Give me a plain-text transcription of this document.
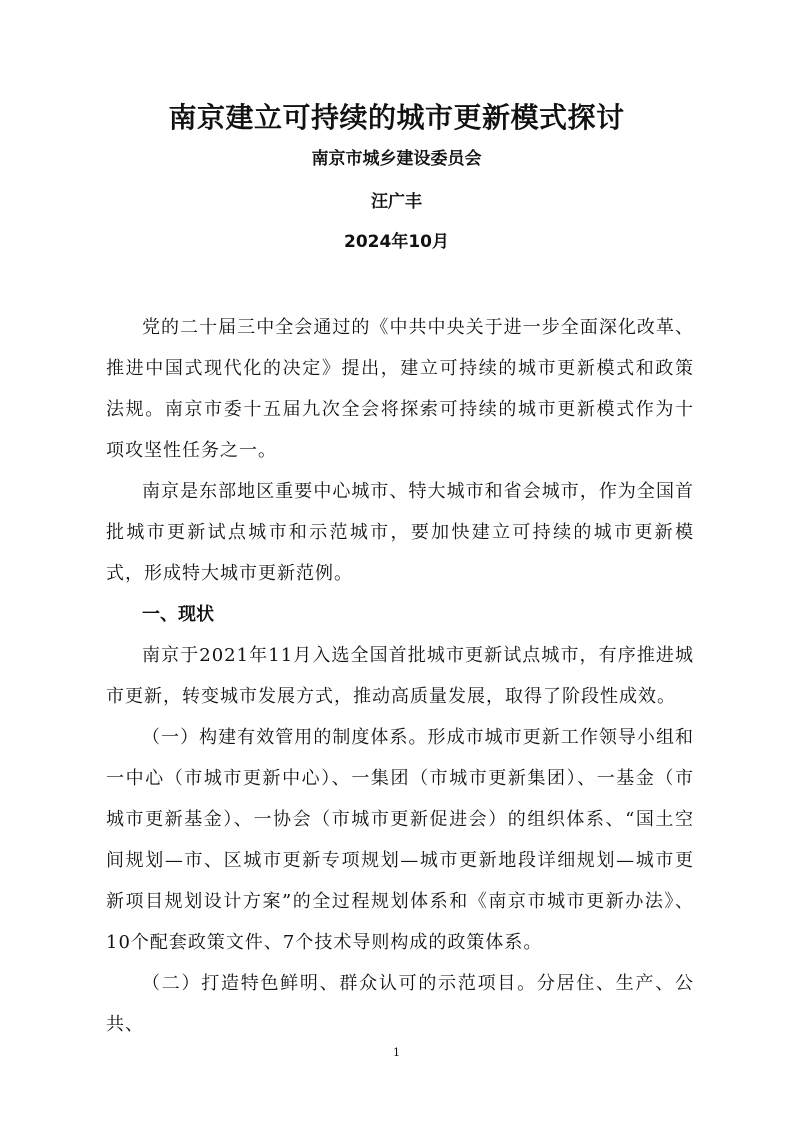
南京建立可持续的城市更新模式探讨

南京市城乡建设委员会

汪广丰

2024年10月

党的二十届三中全会通过的《中共中央关于进一步全面深化改革、推进中国式现代化的决定》提出，建立可持续的城市更新模式和政策法规。南京市委十五届九次全会将探索可持续的城市更新模式作为十项攻坚性任务之一。

南京是东部地区重要中心城市、特大城市和省会城市，作为全国首批城市更新试点城市和示范城市，要加快建立可持续的城市更新模式，形成特大城市更新范例。

一、现状

南京于2021年11月入选全国首批城市更新试点城市，有序推进城市更新，转变城市发展方式，推动高质量发展，取得了阶段性成效。

（一）构建有效管用的制度体系。形成市城市更新工作领导小组和一中心（市城市更新中心）、一集团（市城市更新集团）、一基金（市城市更新基金）、一协会（市城市更新促进会）的组织体系、“国土空间规划—市、区城市更新专项规划—城市更新地段详细规划—城市更新项目规划设计方案”的全过程规划体系和《南京市城市更新办法》、10个配套政策文件、7个技术导则构成的政策体系。

（二）打造特色鲜明、群众认可的示范项目。分居住、生产、公共、

1
